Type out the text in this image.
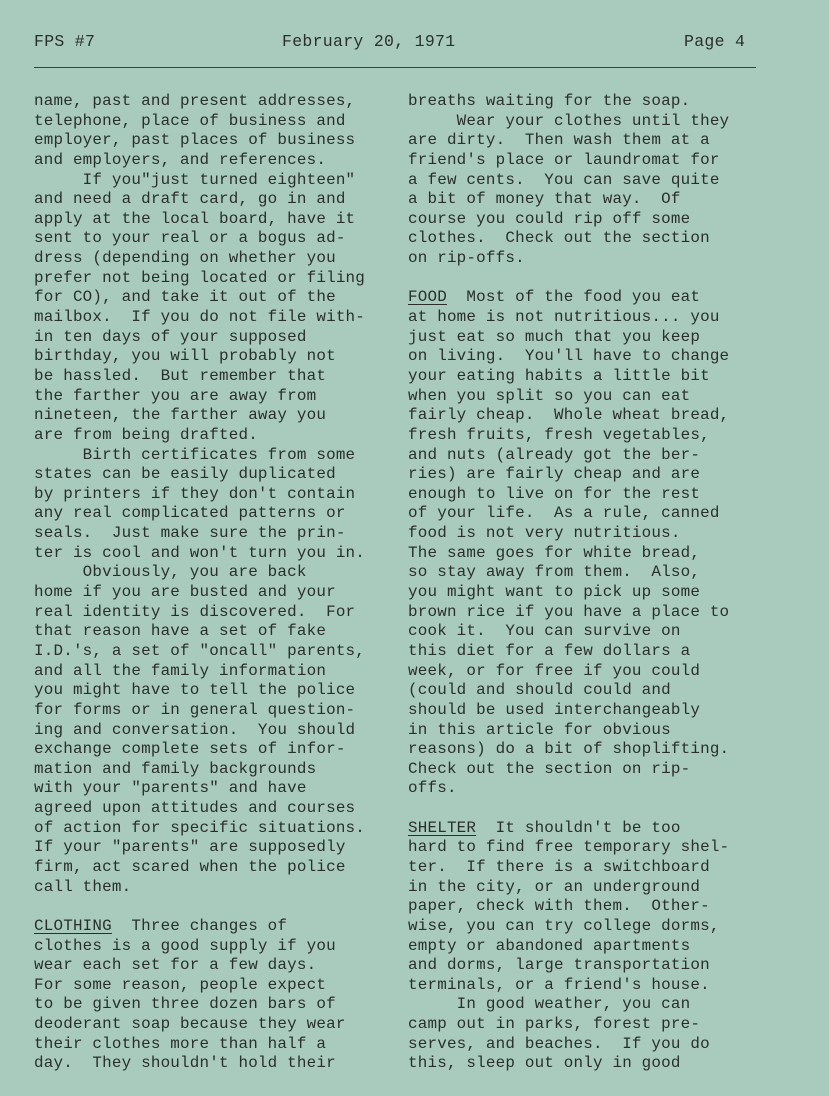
FPS #7	February 20, 1971	Page 4

name, past and present addresses,

telephone, place of business and

employer, past places of business

and employers, and references.

If you"just turned eighteen"

and need a draft card, go in and

apply at the local board, have it

sent to your real or a bogus ad-

dress (depending on whether you

prefer not being located or filing

for CO), and take it out of the

mailbox.  If you do not file with-

in ten days of your supposed

birthday, you will probably not

be hassled.  But remember that

the farther you are away from

nineteen, the farther away you

are from being drafted.

Birth certificates from some

states can be easily duplicated

by printers if they don't contain

any real complicated patterns or

seals.  Just make sure the prin-

ter is cool and won't turn you in.

Obviously, you are back

home if you are busted and your

real identity is discovered.  For

that reason have a set of fake

I.D.'s, a set of "oncall" parents,

and all the family information

you might have to tell the police

for forms or in general question-

ing and conversation.  You should

exchange complete sets of infor-

mation and family backgrounds

with your "parents" and have

agreed upon attitudes and courses

of action for specific situations.

If your "parents" are supposedly

firm, act scared when the police

call them.

CLOTHING  Three changes of

clothes is a good supply if you

wear each set for a few days.

For some reason, people expect

to be given three dozen bars of

deoderant soap because they wear

their clothes more than half a

day.  They shouldn't hold their

breaths waiting for the soap.

Wear your clothes until they

are dirty.  Then wash them at a

friend's place or laundromat for

a few cents.  You can save quite

a bit of money that way.  Of

course you could rip off some

clothes.  Check out the section

on rip-offs.

FOOD  Most of the food you eat

at home is not nutritious... you

just eat so much that you keep

on living.  You'll have to change

your eating habits a little bit

when you split so you can eat

fairly cheap.  Whole wheat bread,

fresh fruits, fresh vegetables,

and nuts (already got the ber-

ries) are fairly cheap and are

enough to live on for the rest

of your life.  As a rule, canned

food is not very nutritious.

The same goes for white bread,

so stay away from them.  Also,

you might want to pick up some

brown rice if you have a place to

cook it.  You can survive on

this diet for a few dollars a

week, or for free if you could

(could and should could and

should be used interchangeably

in this article for obvious

reasons) do a bit of shoplifting.

Check out the section on rip-

offs.

SHELTER  It shouldn't be too

hard to find free temporary shel-

ter.  If there is a switchboard

in the city, or an underground

paper, check with them.  Other-

wise, you can try college dorms,

empty or abandoned apartments

and dorms, large transportation

terminals, or a friend's house.

In good weather, you can

camp out in parks, forest pre-

serves, and beaches.  If you do

this, sleep out only in good
